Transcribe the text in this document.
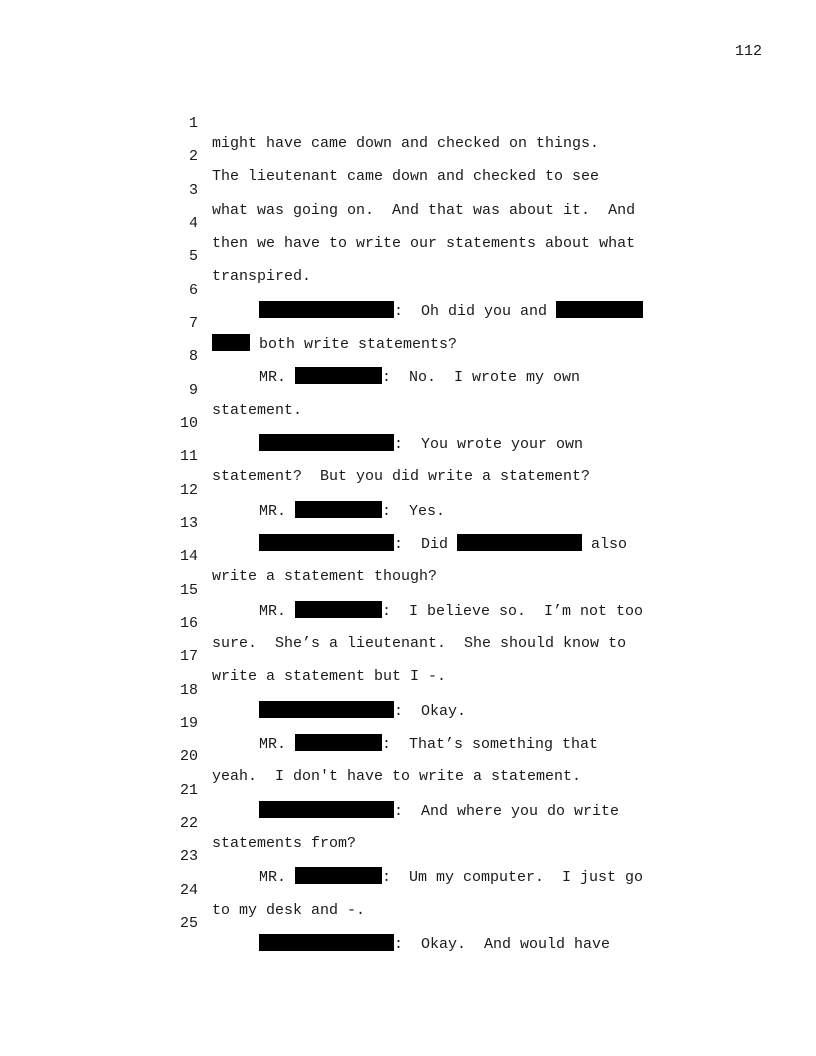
112

1

might have came down and checked on things.

2

The lieutenant came down and checked to see

3

what was going on.  And that was about it.  And

4

then we have to write our statements about what

5

transpired.

6

:  Oh did you and

7

both write statements?

8

MR.	:  No.  I wrote my own

9

statement.

10

:  You wrote your own

11

statement?  But you did write a statement?

12

MR.	:  Yes.

13

:  Did	also

14

write a statement though?

15

MR.	:  I believe so.  I’m not too

16

sure.  She’s a lieutenant.  She should know to

17

write a statement but I -.

18

:  Okay.

19

MR.	:  That’s something that

20

yeah.  I don't have to write a statement.

21

:  And where you do write

22

statements from?

23

MR.	:  Um my computer.  I just go

24

to my desk and -.

25

:  Okay.  And would have
